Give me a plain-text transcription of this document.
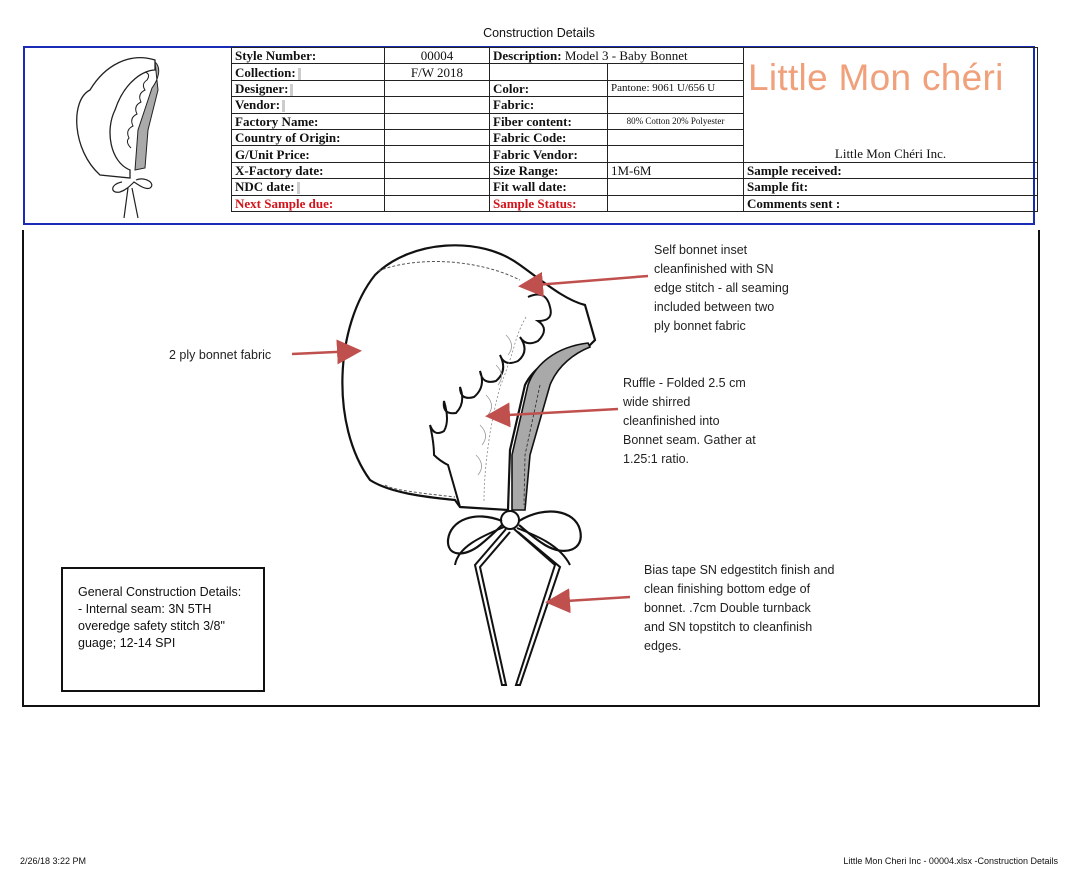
Construction Details
Style Number:	00004	Description: Model 3 - Baby Bonnet		Little Mon chéri
Little Mon Chéri Inc.

Collection:	F/W 2018			
Designer:		Color:	Pantone: 9061 U/656 U	
Vendor:		Fabric:		
Factory Name:		Fiber content:	80% Cotton 20% Polyester	
Country of Origin:		Fabric Code:		
G/Unit Price:		Fabric Vendor:		
X-Factory date:		Size Range:	1M-6M	Sample received:
NDC date:		Fit wall date:		Sample fit:
Next Sample due:		Sample Status:		Comments sent :
2 ply bonnet fabric
Self bonnet inset
cleanfinished with SN
edge stitch - all seaming
included between two
ply bonnet fabric
Ruffle - Folded 2.5 cm
wide shirred
cleanfinished into
Bonnet seam. Gather at
1.25:1 ratio.
Bias tape SN edgestitch finish and
clean finishing bottom edge of
bonnet. .7cm Double turnback
and SN topstitch to cleanfinish
edges.
General Construction Details:
- Internal seam: 3N 5TH
overedge safety stitch 3/8"
guage; 12-14 SPI
2/26/18 3:22 PM	Little Mon Cheri Inc - 00004.xlsx -Construction Details
